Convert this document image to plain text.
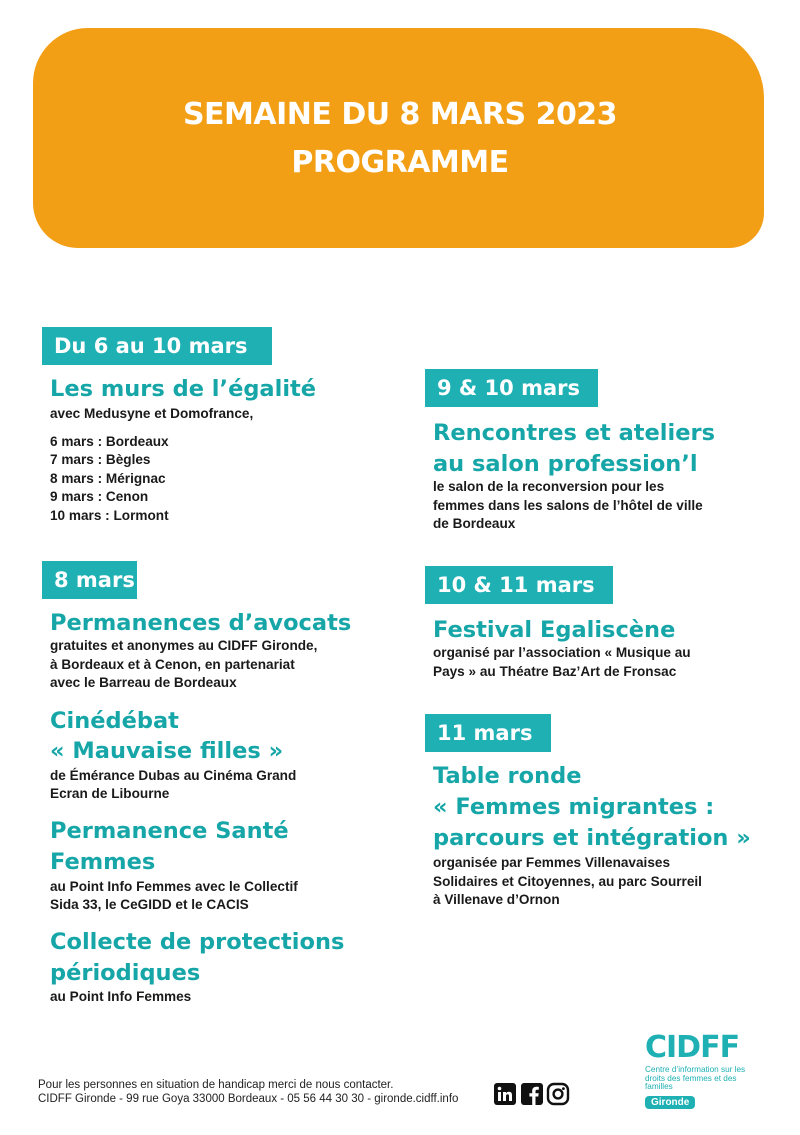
SEMAINE DU 8 MARS 2023
PROGRAMME
Du 6 au 10 mars
Les murs de l’égalité
avec Medusyne et Domofrance,
6 mars : Bordeaux
7 mars : Bègles
8 mars : Mérignac
9 mars : Cenon
10 mars : Lormont
8 mars
Permanences d’avocats
gratuites et anonymes au CIDFF Gironde,
à Bordeaux et à Cenon, en partenariat
avec le Barreau de Bordeaux
Cinédébat
« Mauvaise filles »
de Émérance Dubas au Cinéma Grand
Ecran de Libourne
Permanence Santé
Femmes
au Point Info Femmes avec le Collectif
Sida 33, le CeGIDD et le CACIS
Collecte de protections
périodiques
au Point Info Femmes
9 & 10 mars
Rencontres et ateliers
au salon profession’l
le salon de la reconversion pour les
femmes dans les salons de l’hôtel de ville
de Bordeaux
10 & 11 mars
Festival Egaliscène
organisé par l’association « Musique au
Pays » au Théatre Baz’Art de Fronsac
11 mars
Table ronde
« Femmes migrantes :
parcours et intégration »
organisée par Femmes Villenavaises
Solidaires et Citoyennes, au parc Sourreil
à Villenave d’Ornon
Pour les personnes en situation de handicap merci de nous contacter.
CIDFF Gironde - 99 rue Goya 33000 Bordeaux - 05 56 44 30 30 - gironde.cidff.info
CIDFF
Centre d’information sur les droits des femmes et des familles
Gironde
